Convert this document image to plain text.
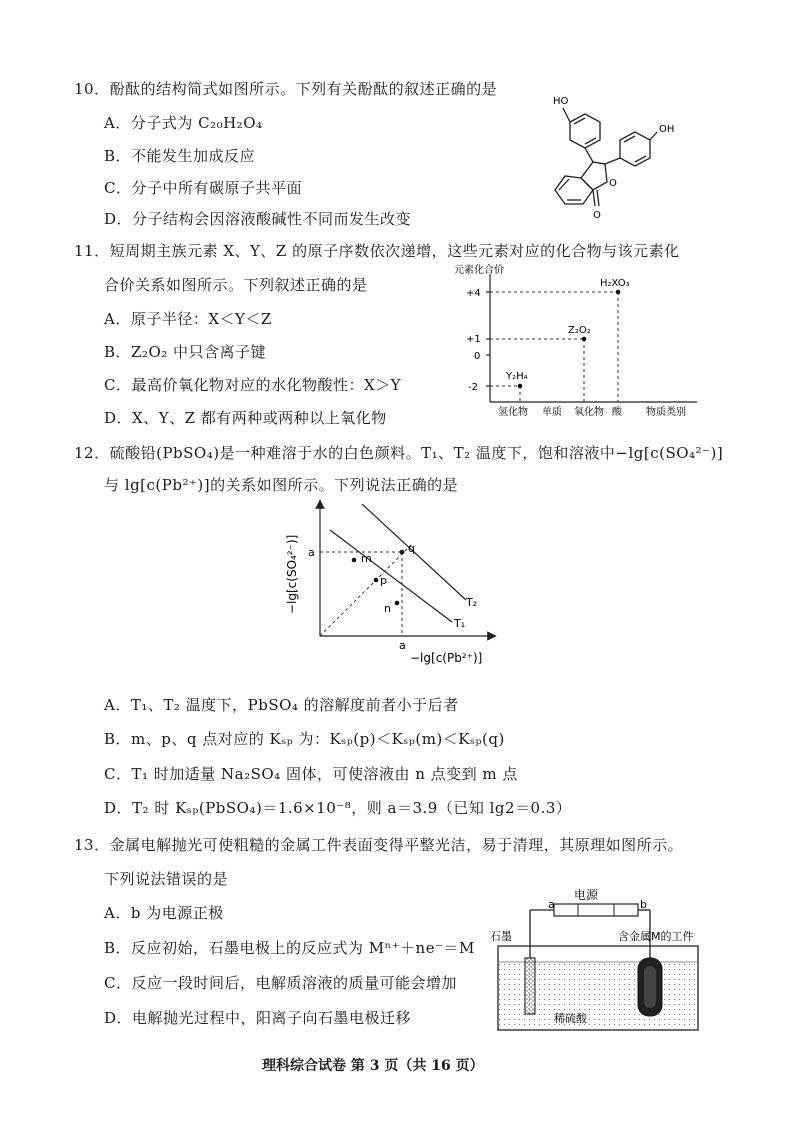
10．酚酞的结构简式如图所示。下列有关酚酞的叙述正确的是
A．分子式为 C₂₀H₂O₄
B．不能发生加成反应
C．分子中所有碳原子共平面
D．分子结构会因溶液酸碱性不同而发生改变
HO
OH
O
O
11．短周期主族元素 X、Y、Z 的原子序数依次递增，这些元素对应的化合物与该元素化
合价关系如图所示。下列叙述正确的是
A．原子半径：X＜Y＜Z
B．Z₂O₂ 中只含离子键
C．最高价氧化物对应的水化物酸性：X＞Y
D．X、Y、Z 都有两种或两种以上氧化物
元素化合价
+4
+1
0
-2
Y₂H₄
Z₂O₂
H₂XO₃
氢化物 单质 氧化物 酸 物质类别
12．硫酸铅(PbSO₄)是一种难溶于水的白色颜料。T₁、T₂ 温度下，饱和溶液中−lg[c(SO₄²⁻)]
与 lg[c(Pb²⁺)]的关系如图所示。下列说法正确的是
m
p
q
n
T₁
T₂
a
a
−lg[c(Pb²⁺)]
−lg[c(SO₄²⁻)]
A．T₁、T₂ 温度下，PbSO₄ 的溶解度前者小于后者
B．m、p、q 点对应的 Kₛₚ 为：Kₛₚ(p)＜Kₛₚ(m)＜Kₛₚ(q)
C．T₁ 时加适量 Na₂SO₄ 固体，可使溶液由 n 点变到 m 点
D．T₂ 时 Kₛₚ(PbSO₄)＝1.6×10⁻⁸，则 a＝3.9（已知 lg2＝0.3）
13．金属电解抛光可使粗糙的金属工件表面变得平整光洁，易于清理，其原理如图所示。
下列说法错误的是
A．b 为电源正极
B．反应初始，石墨电极上的反应式为 Mⁿ⁺＋ne⁻＝M
C．反应一段时间后，电解质溶液的质量可能会增加
D．电解抛光过程中，阳离子向石墨电极迁移
电源
a	b
石墨	含金属M的工件
稀硫酸
理科综合试卷 第 3 页（共 16 页）
